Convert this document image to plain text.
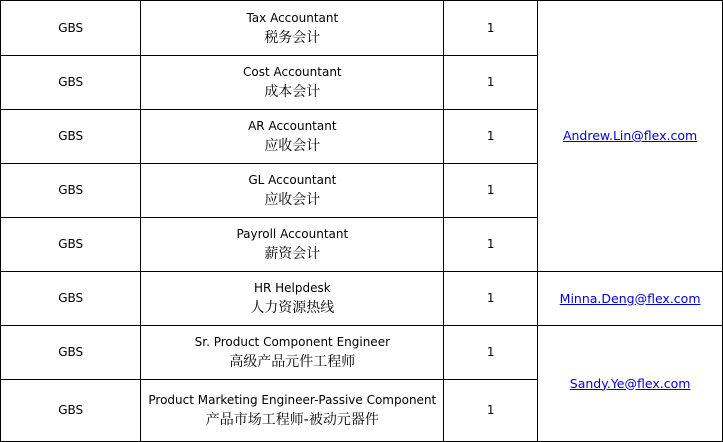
GBS	Tax Accountant
税务会计	1	Andrew.Lin@flex.com
GBS	Cost Accountant
成本会计	1	
GBS	AR Accountant
应收会计	1	
GBS	GL Accountant
应收会计	1	
GBS	Payroll Accountant
薪资会计	1	
GBS	HR Helpdesk
人力资源热线	1	Minna.Deng@flex.com
GBS	Sr. Product Component Engineer
高级产品元件工程师	1	Sandy.Ye@flex.com
GBS	Product Marketing Engineer-Passive Component
产品市场工程师-被动元器件	1	
